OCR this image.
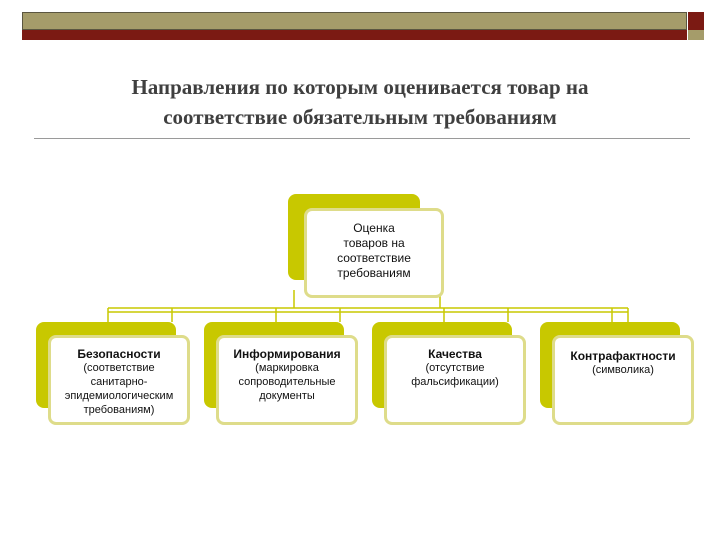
Направления по которым оценивается товар на
соответствие обязательным требованиям
Оценка
товаров на
соответствие
требованиям
Безопасности
(соответствие
санитарно-
эпидемиологическим
требованиям)
Информирования
(маркировка
сопроводительные
документы
Качества
(отсутствие
фальсификации)
Контрафактности
(символика)
